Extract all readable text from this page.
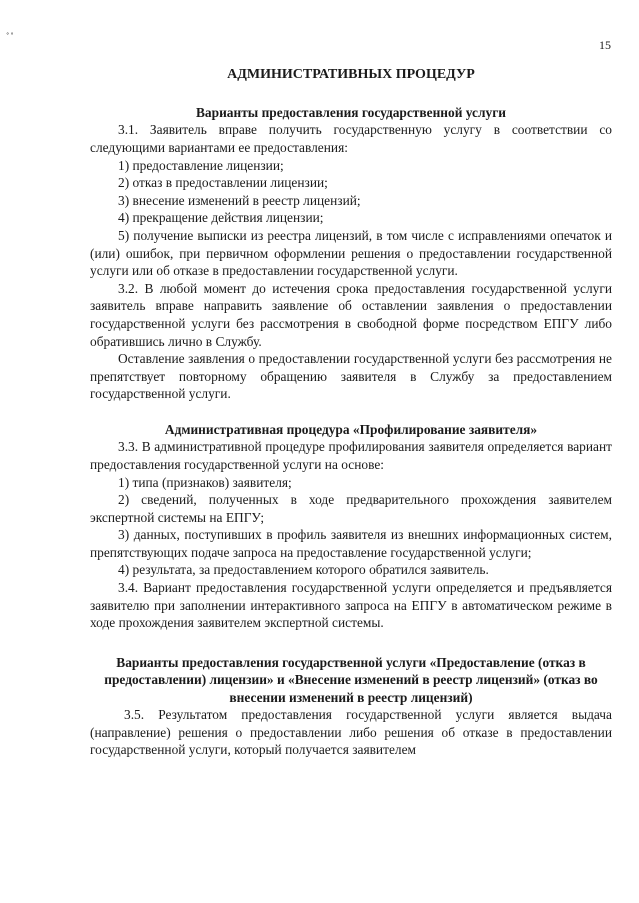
˚˚
15
АДМИНИСТРАТИВНЫХ ПРОЦЕДУР
Варианты предоставления государственной услуги

3.1. Заявитель вправе получить государственную услугу в соответствии со следующими вариантами ее предоставления:

1) предоставление лицензии;

2) отказ в предоставлении лицензии;

3) внесение изменений в реестр лицензий;

4) прекращение действия лицензии;

5) получение выписки из реестра лицензий, в том числе с исправлениями опечаток и (или) ошибок, при первичном оформлении решения о предоставлении государственной услуги или об отказе в предоставлении государственной услуги.

3.2. В любой момент до истечения срока предоставления государственной услуги заявитель вправе направить заявление об оставлении заявления о предоставлении государственной услуги без рассмотрения в свободной форме посредством ЕПГУ либо обратившись лично в Службу.

Оставление заявления о предоставлении государственной услуги без рассмотрения не препятствует повторному обращению заявителя в Службу за предоставлением государственной услуги.

Административная процедура «Профилирование заявителя»

3.3. В административной процедуре профилирования заявителя определяется вариант предоставления государственной услуги на основе:

1) типа (признаков) заявителя;

2) сведений, полученных в ходе предварительного прохождения заявителем экспертной системы на ЕПГУ;

3) данных, поступивших в профиль заявителя из внешних информационных систем, препятствующих подаче запроса на предоставление государственной услуги;

4) результата, за предоставлением которого обратился заявитель.

3.4. Вариант предоставления государственной услуги определяется и предъявляется заявителю при заполнении интерактивного запроса на ЕПГУ в автоматическом режиме в ходе прохождения заявителем экспертной системы.

Варианты предоставления государственной услуги «Предоставление (отказ в предоставлении) лицензии» и «Внесение изменений в реестр лицензий» (отказ во внесении изменений в реестр лицензий)

3.5. Результатом предоставления государственной услуги является выдача (направление) решения о предоставлении либо решения об отказе в предоставлении государственной услуги, который получается заявителем
